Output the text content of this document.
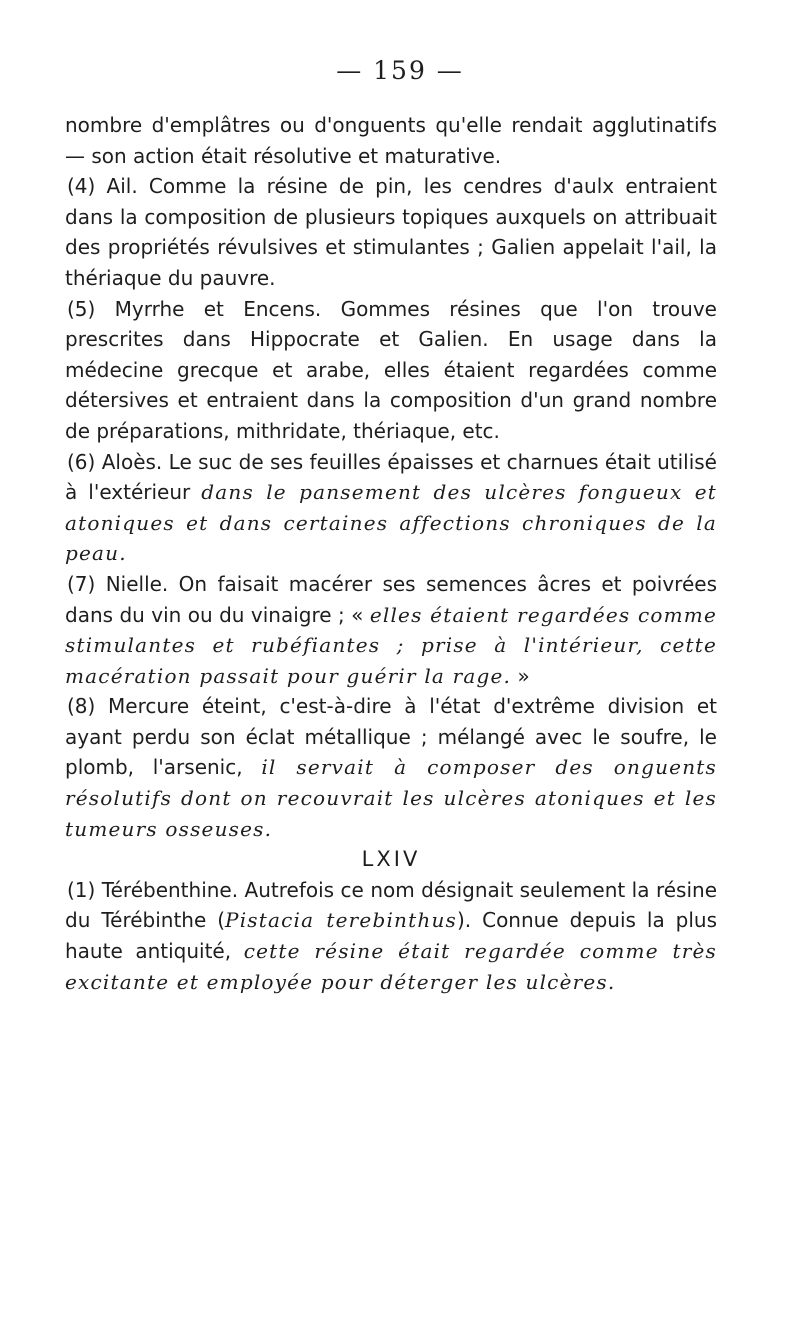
— 159 —

nombre d'emplâtres ou d'onguents qu'elle rendait agglutinatifs — son action était résolutive et maturative.

(4) Ail. Comme la résine de pin, les cendres d'aulx entraient dans la composition de plusieurs topiques auxquels on attribuait des propriétés révulsives et stimulantes ; Galien appelait l'ail, la thériaque du pauvre.

(5) Myrrhe et Encens. Gommes résines que l'on trouve prescrites dans Hippocrate et Galien. En usage dans la médecine grecque et arabe, elles étaient regardées comme détersives et entraient dans la composition d'un grand nombre de préparations, mithridate, thériaque, etc.

(6) Aloès. Le suc de ses feuilles épaisses et charnues était utilisé à l'extérieur dans le pansement des ulcères fongueux et atoniques et dans certaines affections chroniques de la peau.

(7) Nielle. On faisait macérer ses semences âcres et poivrées dans du vin ou du vinaigre ; « elles étaient regardées comme stimulantes et rubéfiantes ; prise à l'intérieur, cette macération passait pour guérir la rage. »

(8) Mercure éteint, c'est-à-dire à l'état d'extrême division et ayant perdu son éclat métallique ; mélangé avec le soufre, le plomb, l'arsenic, il servait à composer des onguents résolutifs dont on recouvrait les ulcères atoniques et les tumeurs osseuses.

LXIV

(1) Térébenthine. Autrefois ce nom désignait seulement la résine du Térébinthe (Pistacia terebinthus). Connue depuis la plus haute antiquité, cette résine était regardée comme très excitante et employée pour déterger les ulcères.
